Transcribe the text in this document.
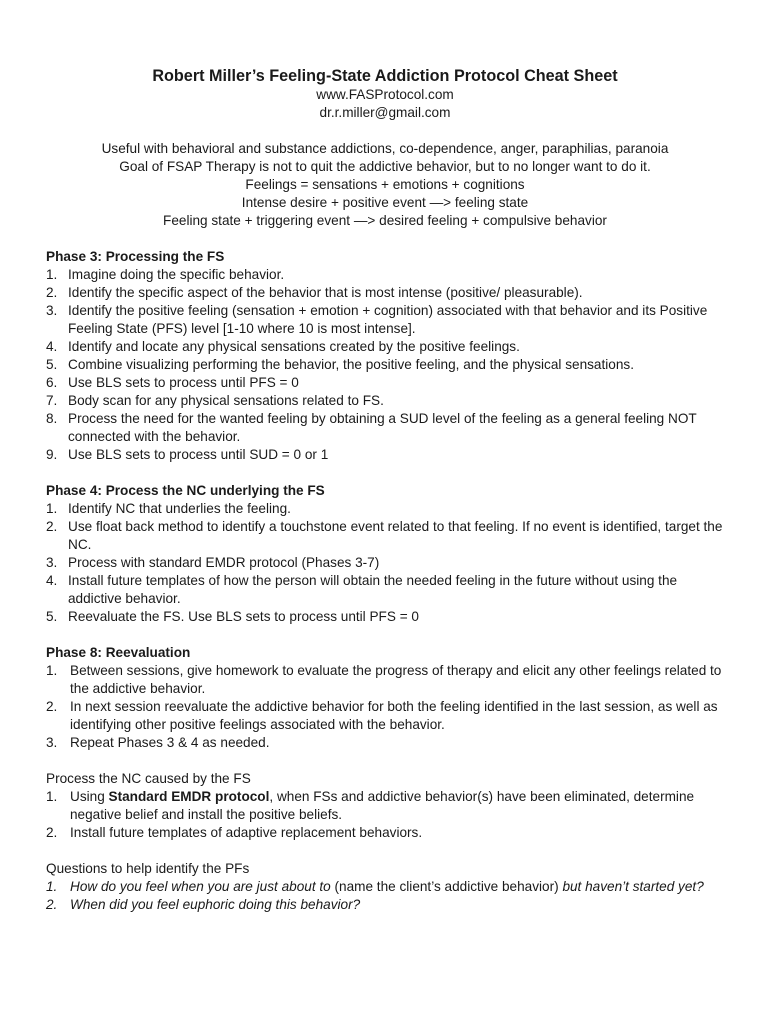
Robert Miller’s Feeling-State Addiction Protocol Cheat Sheet

www.FASProtocol.com

dr.r.miller@gmail.com

Useful with behavioral and substance addictions, co-dependence, anger, paraphilias, paranoia

Goal of FSAP Therapy is not to quit the addictive behavior, but to no longer want to do it.

Feelings = sensations + emotions + cognitions

Intense desire + positive event —> feeling state

Feeling state + triggering event —> desired feeling + compulsive behavior

Phase 3: Processing the FS

1. Imagine doing the specific behavior.
2. Identify the specific aspect of the behavior that is most intense (positive/ pleasurable).
3. Identify the positive feeling (sensation + emotion + cognition) associated with that behavior and its Positive Feeling State (PFS) level [1-10 where 10 is most intense].
4. Identify and locate any physical sensations created by the positive feelings.
5. Combine visualizing performing the behavior, the positive feeling, and the physical sensations.
6. Use BLS sets to process until PFS = 0
7. Body scan for any physical sensations related to FS.
8. Process the need for the wanted feeling by obtaining a SUD level of the feeling as a general feeling NOT connected with the behavior.
9. Use BLS sets to process until SUD = 0 or 1

Phase 4: Process the NC underlying the FS

1. Identify NC that underlies the feeling.
2. Use float back method to identify a touchstone event related to that feeling. If no event is identified, target the NC.
3. Process with standard EMDR protocol (Phases 3-7)
4. Install future templates of how the person will obtain the needed feeling in the future without using the addictive behavior.
5. Reevaluate the FS. Use BLS sets to process until PFS = 0

Phase 8: Reevaluation

1. Between sessions, give homework to evaluate the progress of therapy and elicit any other feelings related to the addictive behavior.
2. In next session reevaluate the addictive behavior for both the feeling identified in the last session, as well as identifying other positive feelings associated with the behavior.
3. Repeat Phases 3 & 4 as needed.

Process the NC caused by the FS

1. Using Standard EMDR protocol, when FSs and addictive behavior(s) have been eliminated, determine negative belief and install the positive beliefs.
2. Install future templates of adaptive replacement behaviors.

Questions to help identify the PFs

1. How do you feel when you are just about to (name the client’s addictive behavior) but haven’t started yet?
2. When did you feel euphoric doing this behavior?
